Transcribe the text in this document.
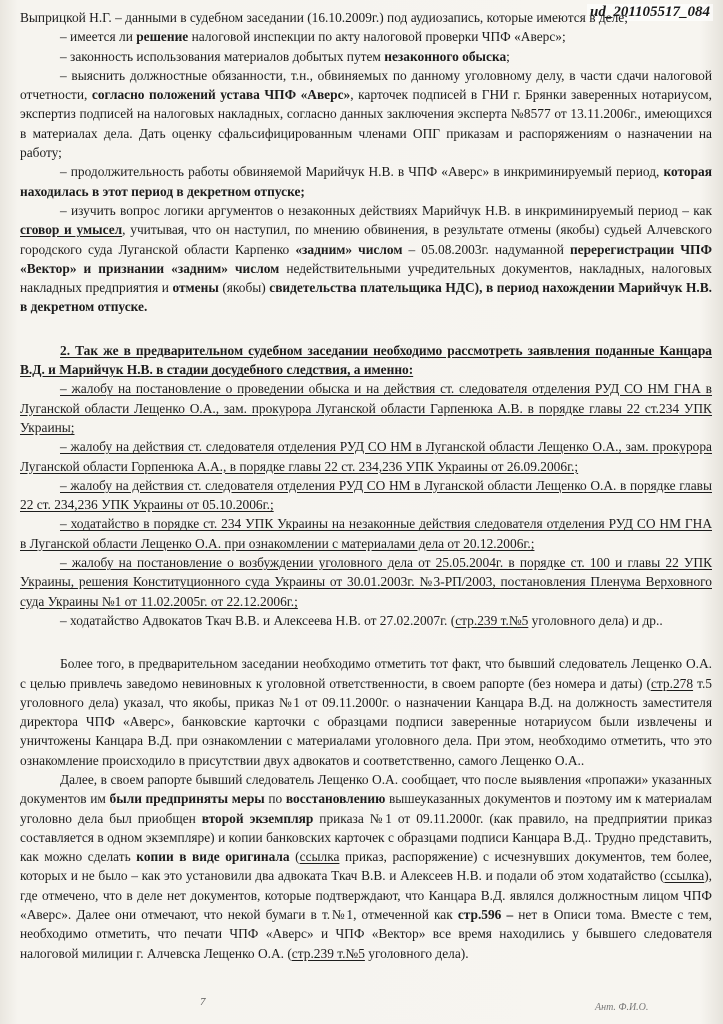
ud_201105517_084

Выприцкой Н.Г. – данными в судебном заседании (16.10.2009г.) под аудиозапись, которые имеются в деле;

– имеется ли решение налоговой инспекции по акту налоговой проверки ЧПФ «Аверс»;

– законность использования материалов добытых путем незаконного обыска;

– выяснить должностные обязанности, т.н., обвиняемых по данному уголовному делу, в части сдачи налоговой отчетности, согласно положений устава ЧПФ «Аверс», карточек подписей в ГНИ г. Брянки заверенных нотариусом, экспертиз подписей на налоговых накладных, согласно данных заключения эксперта №8577 от 13.11.2006г., имеющихся в материалах дела. Дать оценку сфальсифицированным членами ОПГ приказам и распоряжениям о назначении на работу;

– продолжительность работы обвиняемой Марийчук Н.В. в ЧПФ «Аверс» в инкриминируемый период, которая находилась в этот период в декретном отпуске;

– изучить вопрос логики аргументов о незаконных действиях Марийчук Н.В. в инкриминируемый период – как сговор и умысел, учитывая, что он наступил, по мнению обвинения, в результате отмены (якобы) судьей Алчевского городского суда Луганской области Карпенко «задним» числом – 05.08.2003г. надуманной перерегистрации ЧПФ «Вектор» и признании «задним» числом недействительными учредительных документов, накладных, налоговых накладных предприятия и отмены (якобы) свидетельства плательщика НДС), в период нахождении Марийчук Н.В. в декретном отпуске.

2. Так же в предварительном судебном заседании необходимо рассмотреть заявления поданные Канцара В.Д. и Марийчук Н.В. в стадии досудебного следствия, а именно:

– жалобу на постановление о проведении обыска и на действия ст. следователя отделения РУД СО НМ ГНА в Луганской области Лещенко О.А., зам. прокурора Луганской области Гарпенюка А.В. в порядке главы 22 ст.234 УПК Украины;

– жалобу на действия ст. следователя отделения РУД СО НМ в Луганской области Лещенко О.А., зам. прокурора Луганской области Горпенюка А.А., в порядке главы 22 ст. 234,236 УПК Украины от 26.09.2006г.;

– жалобу на действия ст. следователя отделения РУД СО НМ в Луганской области Лещенко О.А. в порядке главы 22 ст. 234,236 УПК Украины от 05.10.2006г.;

– ходатайство в порядке ст. 234 УПК Украины на незаконные действия следователя отделения РУД СО НМ ГНА в Луганской области Лещенко О.А. при ознакомлении с материалами дела от 20.12.2006г.;

– жалобу на постановление о возбуждении уголовного дела от 25.05.2004г. в порядке ст. 100 и главы 22 УПК Украины, решения Конституционного суда Украины от 30.01.2003г. №3-РП/2003, постановления Пленума Верховного суда Украины №1 от 11.02.2005г. от 22.12.2006г.;

– ходатайство Адвокатов Ткач В.В. и Алексеева Н.В. от 27.02.2007г. (стр.239 т.№5 уголовного дела) и др..

Более того, в предварительном заседании необходимо отметить тот факт, что бывший следователь Лещенко О.А. с целью привлечь заведомо невиновных к уголовной ответственности, в своем рапорте (без номера и даты) (стр.278 т.5 уголовного дела) указал, что якобы, приказ №1 от 09.11.2000г. о назначении Канцара В.Д. на должность заместителя директора ЧПФ «Аверс», банковские карточки с образцами подписи заверенные нотариусом были извлечены и уничтожены Канцара В.Д. при ознакомлении с материалами уголовного дела. При этом, необходимо отметить, что это ознакомление происходило в присутствии двух адвокатов и соответственно, самого Лещенко О.А..

Далее, в своем рапорте бывший следователь Лещенко О.А. сообщает, что после выявления «пропажи» указанных документов им были предприняты меры по восстановлению вышеуказанных документов и поэтому им к материалам уголовно дела был приобщен второй экземпляр приказа №1 от 09.11.2000г. (как правило, на предприятии приказ составляется в одном экземпляре) и копии банковских карточек с образцами подписи Канцара В.Д.. Трудно представить, как можно сделать копии в виде оригинала (ссылка приказ, распоряжение) с исчезнувших документов, тем более, которых и не было – как это установили два адвоката Ткач В.В. и Алексеев Н.В. и подали об этом ходатайство (ссылка), где отмечено, что в деле нет документов, которые подтверждают, что Канцара В.Д. являлся должностным лицом ЧПФ «Аверс». Далее они отмечают, что некой бумаги в т.№1, отмеченной как стр.596 – нет в Описи тома. Вместе с тем, необходимо отметить, что печати ЧПФ «Аверс» и ЧПФ «Вектор» все время находились у бывшего следователя налоговой милиции г. Алчевска Лещенко О.А. (стр.239 т.№5 уголовного дела).

7	Ант. Ф.И.О.
